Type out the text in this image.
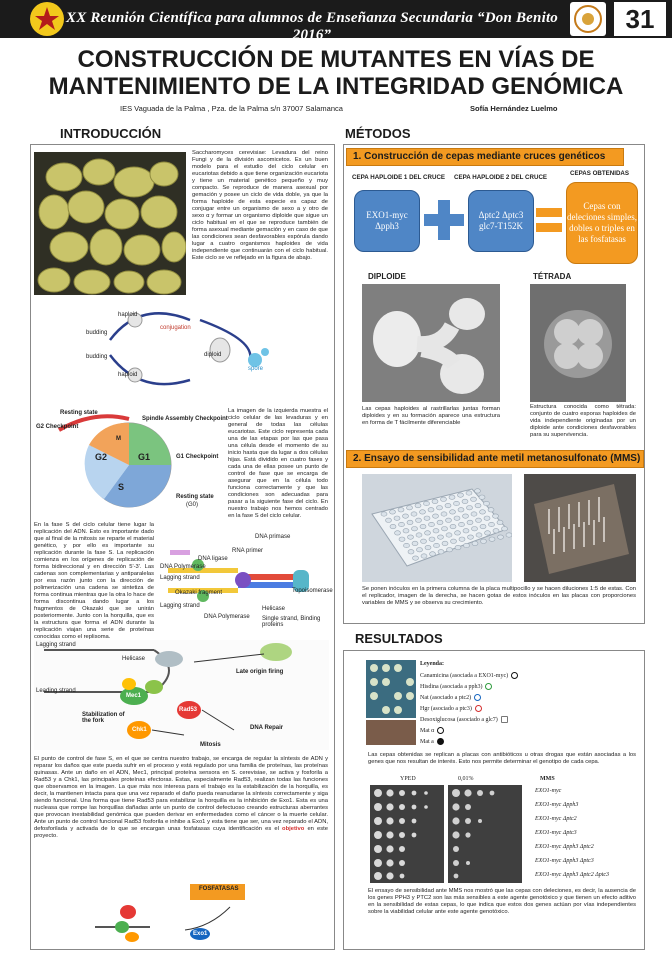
XX Reunión Científica para alumnos de Enseñanza Secundaria “Don Benito 2016”
31
CONSTRUCCIÓN DE MUTANTES EN VÍAS DE
MANTENIMIENTO DE LA INTEGRIDAD GENÓMICA
IES Vaguada de la Palma , Pza. de la Palma s/n 37007 Salamanca	Sofía Hernández Luelmo
INTRODUCCIÓN	MÉTODOS
RESULTADOS
Saccharomyces cerevisiae: Levadura del reino Fungi y de la división ascomicetos. Es un buen modelo para el estudio del ciclo celular en eucariotas debido a que tiene organización eucariota y tiene un material genético pequeño y muy compacto. Se reproduce de manera asexual por gemación y posee un ciclo de vida doble, ya que la forma haploide de esta especie es capaz de conjugar entre un organismo de sexo a y otro de sexo α y formar un organismo diploide que sigue un ciclo habitual en el que se reproduce también de forma asexual mediante gemación y en caso de que las condiciones sean desfavorables espórula dando lugar a cuatro organismos haploides de vida independiente que continuarán con el ciclo habitual. Este ciclo se ve reflejado en la figura de abajo.
conjugation
haploid
haploid
diploid
spore
budding
budding
Resting state
G2 Checkpoint
Spindle Assembly Checkpoint
G1 Checkpoint
M
G2	G1
S
Resting state
(G0)
La imagen de la izquierda muestra el ciclo celular de las levaduras y en general de todas las células eucariotas. Este ciclo representa cada una de las etapas por las que pasa una célula desde el momento de su inicio hasta que da lugar a dos células hijas. Está dividido en cuatro fases y cada una de ellas posee un punto de control de fase que se encarga de asegurar que en la célula todo funciona correctamente y que las condiciones son adecuadas para pasar a la siguiente fase del ciclo. En nuestro trabajo nos hemos centrado en la fase S del ciclo celular.
En la fase S del ciclo celular tiene lugar la replicación del ADN. Esto es importante dado que al final de la mitosis se reparte el material genético, y por ello es importante su replicación durante la fase S. La replicación comienza en los orígenes de replicación de forma bidireccional y en dirección 5'-3'. Las cadenas son complementarias y antiparalelas por esa razón junto con la dirección de polimerización una cadena se sintetiza de forma continua mientras que la otra lo hace de forma discontinua dando lugar a los fragmentos de Okazaki que se unirán posteriormente. Junto con la horquilla, que es la estructura que forma el ADN durante la replicación viajan una serie de proteínas conocidas como el replisoma.
DNA primase
RNA primer
DNA ligase
DNA Polymerase
Lagging strand
Okazaki fragment
Lagging strand
DNA Polymerase
Helicase
Topoisomerase
Single strand, Binding proteins
Helicase
Lagging strand
Leading strand
Mec1
Rad53
Chk1
Mitosis
DNA Repair
Late origin firing
Stabilization of the fork
El punto de control de fase S, en el que se centra nuestro trabajo, se encarga de regular la síntesis de ADN y reparar los daños que este pueda sufrir en el proceso y está regulado por una familia de proteínas, las proteínas quinasas. Ante un daño en el ADN, Mec1, principal proteína sensora en S. cerevisiae, se activa y fosforila a Rad53 y a Chk1, las principales proteínas efectoras. Estas, especialmente Rad53, realizan todas las funciones que observamos en la imagen. La que más nos interesa para el trabajo es la estabilización de la horquilla, es decir, la mantienen intacta para que una vez reparado el daño pueda reanudarse la síntesis correctamente y siga siendo funcional. Una forma que tiene Rad53 para estabilizar la horquilla es la inhibición de Exo1. Esta es una nucleasa que rompe las horquillas dañadas ante un punto de control defectuoso creando estructuras aberrantes que provocan inestabilidad genómica que pueden derivar en enfermedades como el cáncer o la muerte celular. Ante un punto de control funcional Rad53 fosforila e inhibe a Exo1 y esta tiene que ser, una vez reparado el ADN, defosforilada y activada de lo que se encargan unas fosfatasas cuya identificación es el objetivo en este proyecto.
FOSFATASAS
Exo1
1. Construcción de cepas mediante cruces genéticos
CEPA HAPLOIDE 1 DEL CRUCE CEPA HAPLOIDE 2 DEL CRUCE
CEPAS OBTENIDAS
EXO1-myc Δpph3
Δptc2 Δptc3 glc7-T152K
Cepas con deleciones simples, dobles o triples en las fosfatasas
DIPLOIDE	TÉTRADA
Las cepas haploides al rastrillarlas juntas forman diploides y en su formación aparece una estructura en forma de T fácilmente diferenciable
Estructura conocida como tétrada: conjunto de cuatro esporas haploides de vida independiente originadas por un diploide ante condiciones desfavorables para su supervivencia.
2. Ensayo de sensibilidad ante metil metanosulfonato (MMS)
Se ponen inóculos en la primera columna de la placa multipocillo y se hacen diluciones 1:5 de estas. Con el replicador, imagen de la derecha, se hacen gotas de estos inóculos en las placas con proporciones variables de MMS y se observa su crecimiento.
Leyenda:
Canamicina (asociada a EXO1-myc)
Hisdina (asociada a pph3)
Nat (asociado a ptc2)
Hgr (asociado a ptc3)
Desoxiglucosa (asociado a glc7)
Mat α
Mat a
Las cepas obtenidas se replican a placas con antibióticos u otras drogas que están asociadas a los genes que nos resultan de interés. Esto nos permite determinar el genotipo de cada cepa.
YPED	0,01%	MMS
EXO1-myc
EXO1-myc Δpph3
EXO1-myc Δptc2
EXO1-myc Δptc3
EXO1-myc Δpph3 Δptc2
EXO1-myc Δpph3 Δptc3
EXO1-myc Δpph3 Δptc2 Δptc3
El ensayo de sensibilidad ante MMS nos mostró que las cepas con deleciones, es decir, la ausencia de los genes PPH3 y PTC2 son las más sensibles a este agente genotóxico y que tienen un efecto aditivo en la sensibilidad de estas cepas, lo que indica que estos dos genes actúan por vías independientes sobre la viabilidad celular ante este agente genotóxico.
